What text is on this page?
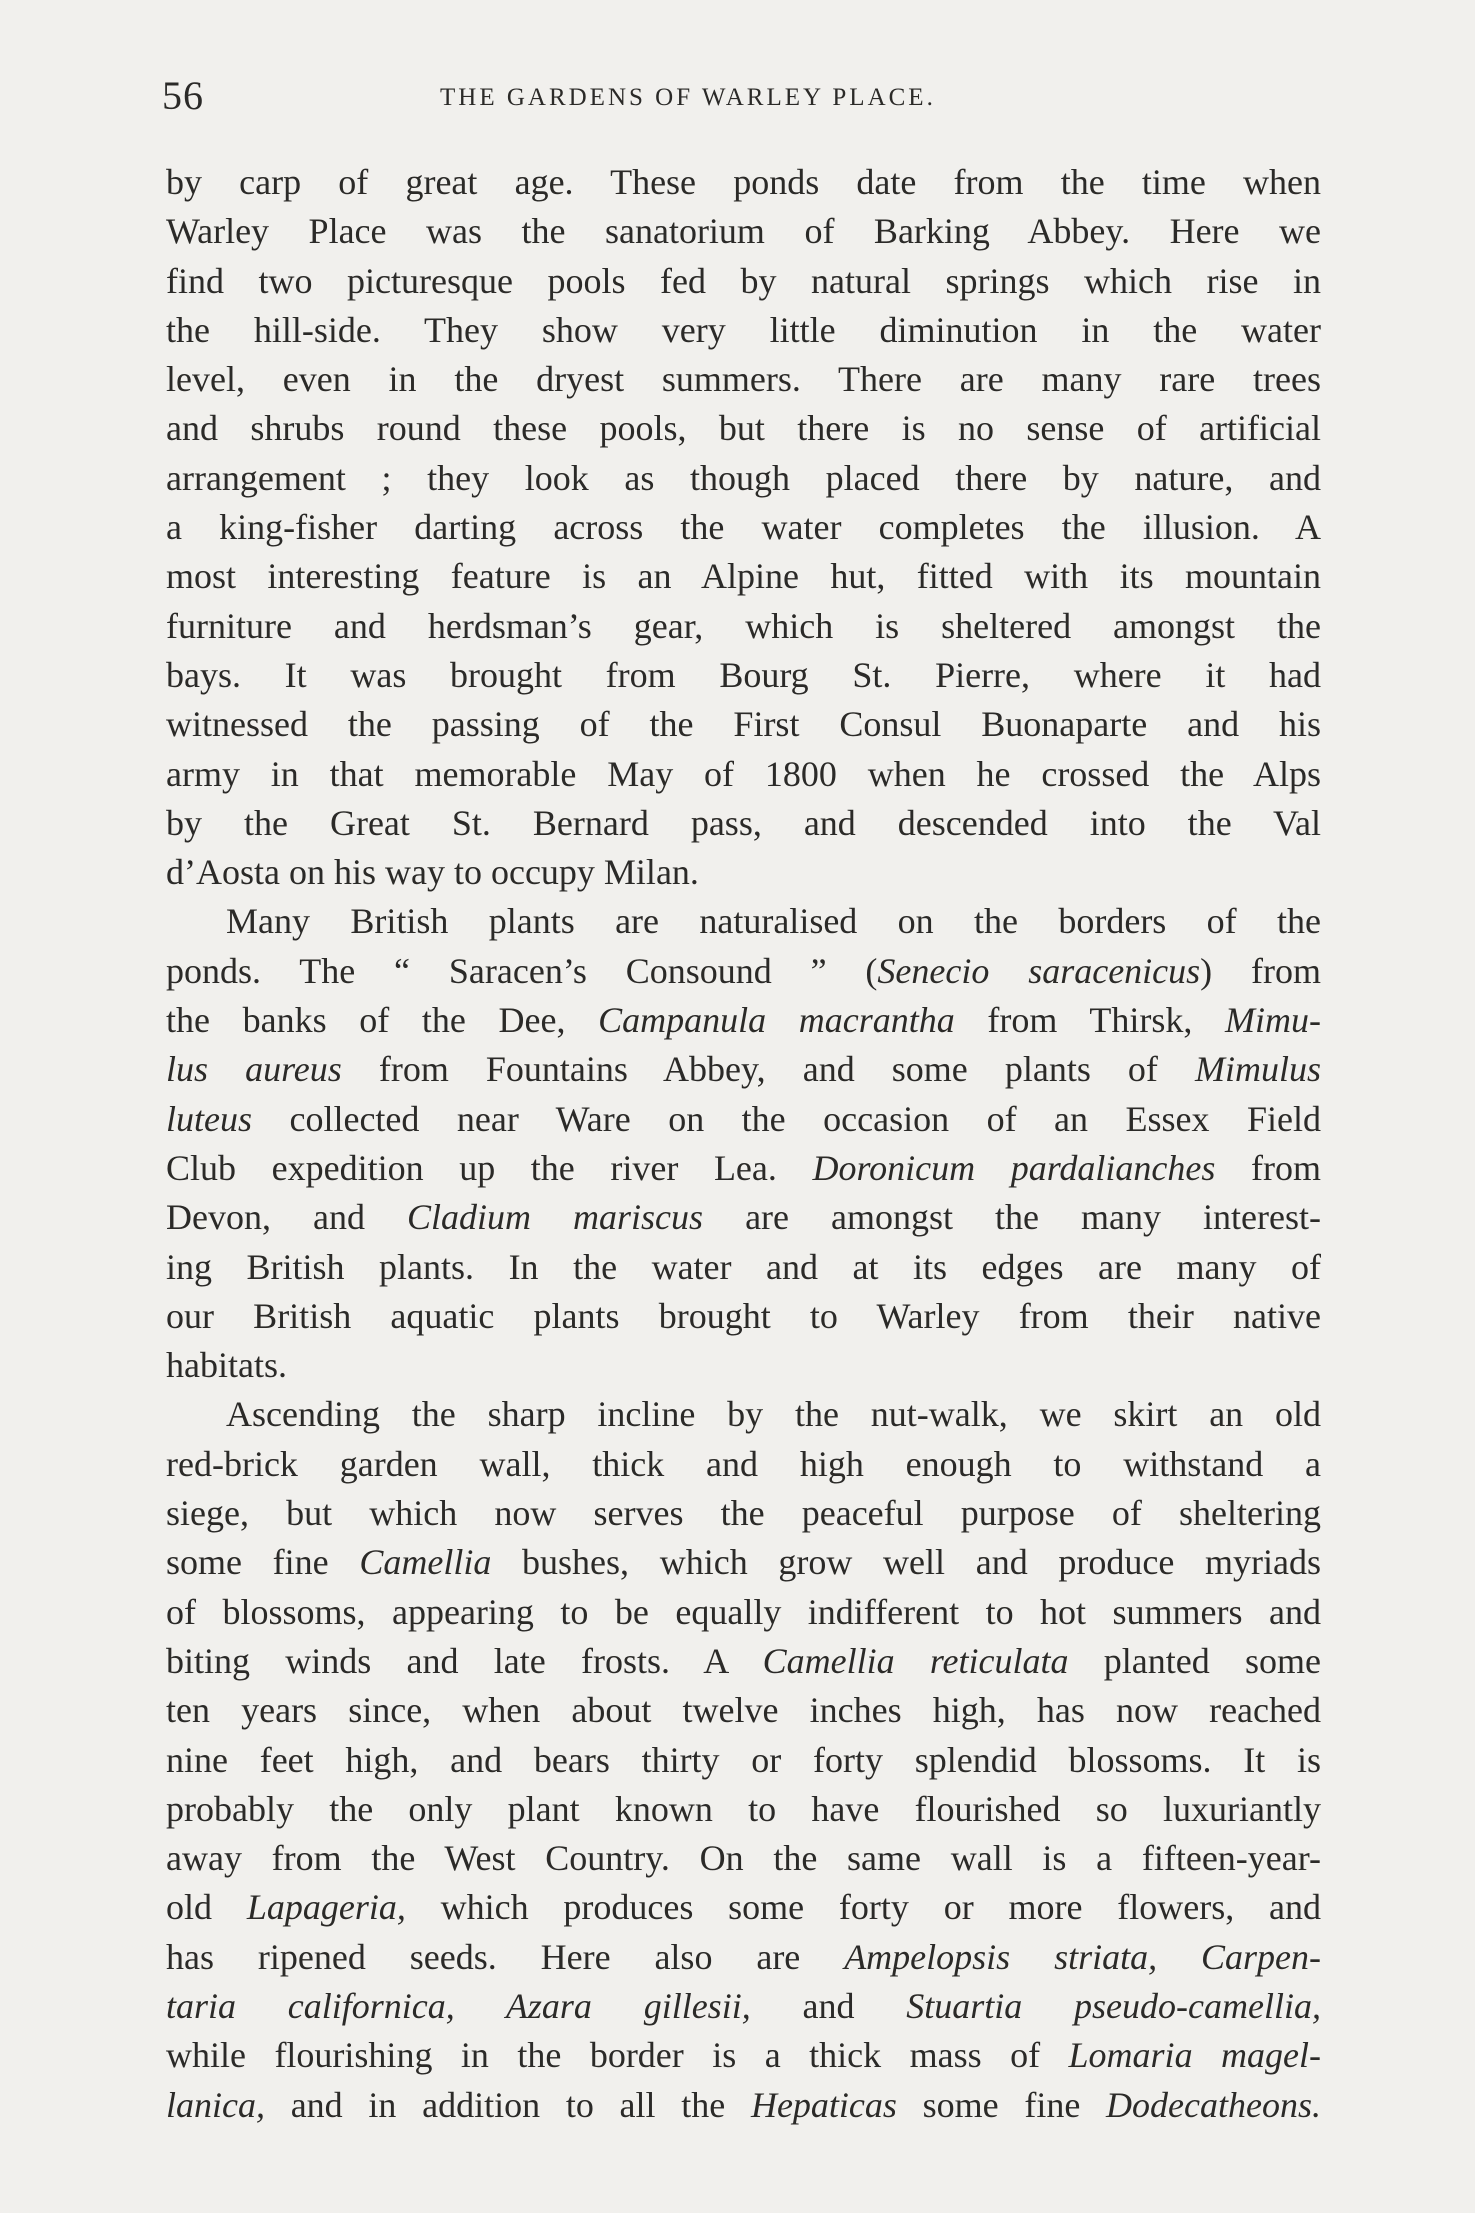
56	THE GARDENS OF WARLEY PLACE.
by carp of great age. These ponds date from the time when
Warley Place was the sanatorium of Barking Abbey. Here we
find two picturesque pools fed by natural springs which rise in
the hill-side. They show very little diminution in the water
level, even in the dryest summers. There are many rare trees
and shrubs round these pools, but there is no sense of artificial
arrangement ; they look as though placed there by nature, and
a king-fisher darting across the water completes the illusion. A
most interesting feature is an Alpine hut, fitted with its mountain
furniture and herdsman’s gear, which is sheltered amongst the
bays. It was brought from Bourg St. Pierre, where it had
witnessed the passing of the First Consul Buonaparte and his
army in that memorable May of 1800 when he crossed the Alps
by the Great St. Bernard pass, and descended into the Val
d’Aosta on his way to occupy Milan.
Many British plants are naturalised on the borders of the
ponds. The “ Saracen’s Consound ” (Senecio saracenicus) from
the banks of the Dee, Campanula macrantha from Thirsk, Mimu-
lus aureus from Fountains Abbey, and some plants of Mimulus
luteus collected near Ware on the occasion of an Essex Field
Club expedition up the river Lea. Doronicum pardalianches from
Devon, and Cladium mariscus are amongst the many interest-
ing British plants. In the water and at its edges are many of
our British aquatic plants brought to Warley from their native
habitats.
Ascending the sharp incline by the nut-walk, we skirt an old
red-brick garden wall, thick and high enough to withstand a
siege, but which now serves the peaceful purpose of sheltering
some fine Camellia bushes, which grow well and produce myriads
of blossoms, appearing to be equally indifferent to hot summers and
biting winds and late frosts. A Camellia reticulata planted some
ten years since, when about twelve inches high, has now reached
nine feet high, and bears thirty or forty splendid blossoms. It is
probably the only plant known to have flourished so luxuriantly
away from the West Country. On the same wall is a fifteen-year-
old Lapageria, which produces some forty or more flowers, and
has ripened seeds. Here also are Ampelopsis striata, Carpen-
taria californica, Azara gillesii, and Stuartia pseudo-camellia,
while flourishing in the border is a thick mass of Lomaria magel-
lanica, and in addition to all the Hepaticas some fine Dodecatheons.
